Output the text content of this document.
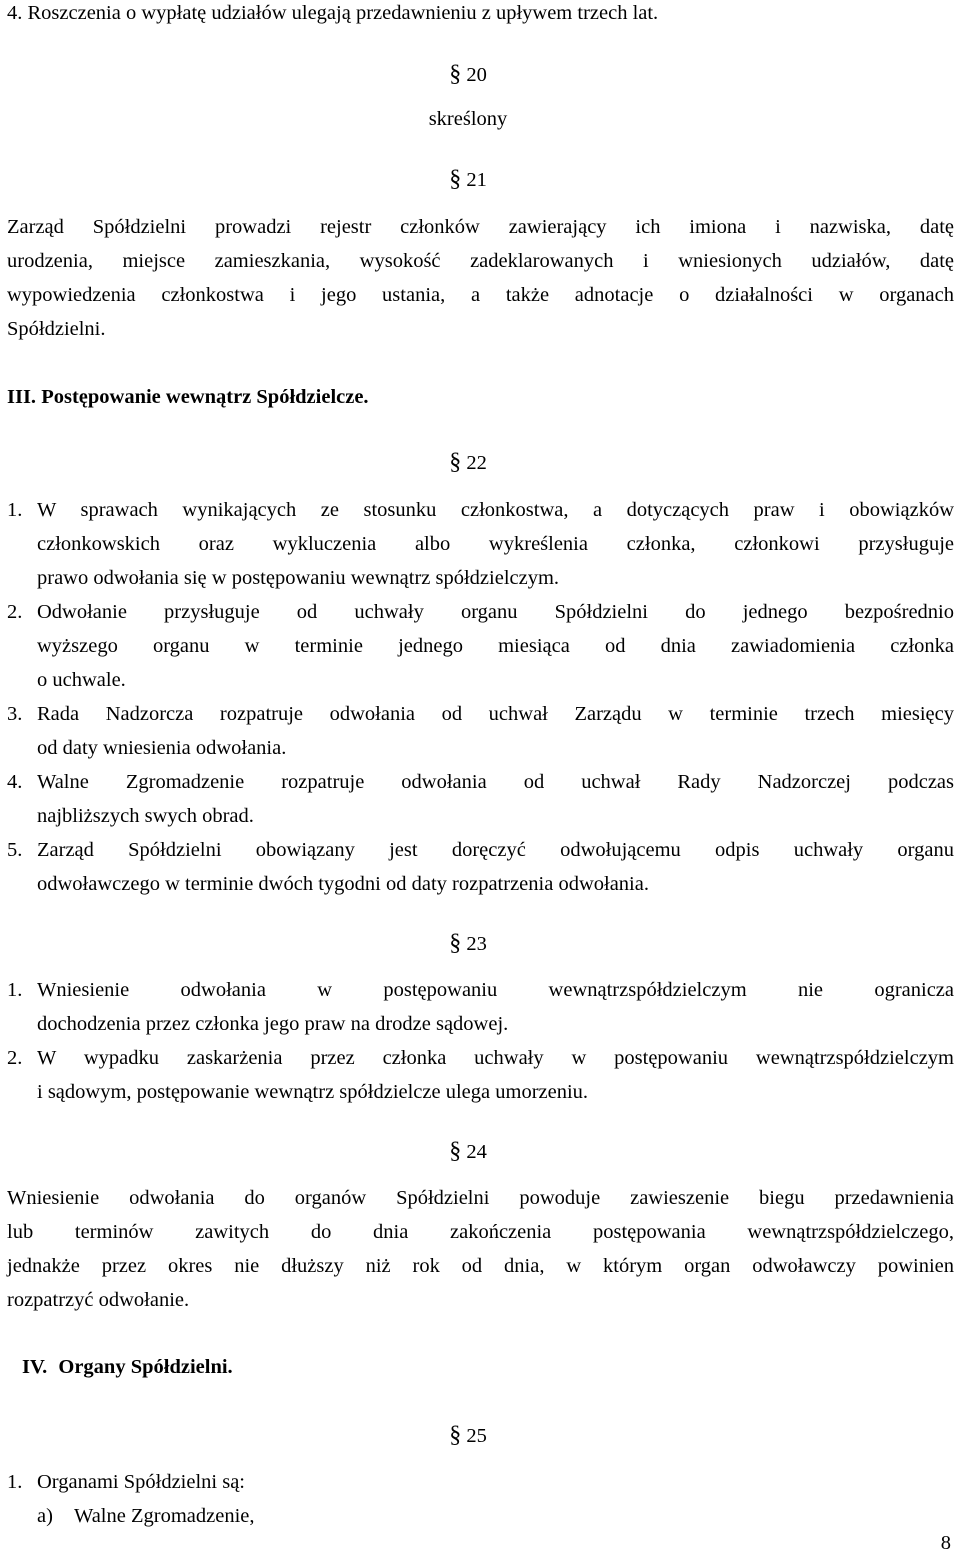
4. Roszczenia o wypłatę udziałów ulegają przedawnieniu z upływem trzech lat.
§ 20
skreślony
§ 21
Zarząd Spółdzielni prowadzi rejestr członków zawierający ich imiona i nazwiska, datę
urodzenia, miejsce zamieszkania, wysokość zadeklarowanych i wniesionych udziałów, datę
wypowiedzenia członkostwa i jego ustania, a także adnotacje o działalności w organach
Spółdzielni.
III. Postępowanie wewnątrz Spółdzielcze.
§ 22
1. W sprawach wynikających ze stosunku członkostwa, a dotyczących praw i obowiązków
członkowskich oraz wykluczenia albo wykreślenia członka, członkowi przysługuje
prawo odwołania się w postępowaniu wewnątrz spółdzielczym.
2. Odwołanie przysługuje od uchwały organu Spółdzielni do jednego bezpośrednio
wyższego organu w terminie jednego miesiąca od dnia zawiadomienia członka
o uchwale.
3. Rada Nadzorcza rozpatruje odwołania od uchwał Zarządu w terminie trzech miesięcy
od daty wniesienia odwołania.
4. Walne Zgromadzenie rozpatruje odwołania od uchwał Rady Nadzorczej podczas
najbliższych swych obrad.
5. Zarząd Spółdzielni obowiązany jest doręczyć odwołującemu odpis uchwały organu
odwoławczego w terminie dwóch tygodni od daty rozpatrzenia odwołania.
§ 23
1. Wniesienie odwołania w postępowaniu wewnątrzspółdzielczym nie ogranicza
dochodzenia przez członka jego praw na drodze sądowej.
2. W wypadku zaskarżenia przez członka uchwały w postępowaniu wewnątrzspółdzielczym
i sądowym, postępowanie wewnątrz spółdzielcze ulega umorzeniu.
§ 24
Wniesienie odwołania do organów Spółdzielni powoduje zawieszenie biegu przedawnienia
lub terminów zawitych do dnia zakończenia postępowania wewnątrzspółdzielczego,
jednakże przez okres nie dłuższy niż rok od dnia, w którym organ odwoławczy powinien
rozpatrzyć odwołanie.
IV. Organy Spółdzielni.
§ 25
1. Organami Spółdzielni są:
a) Walne Zgromadzenie,
8
